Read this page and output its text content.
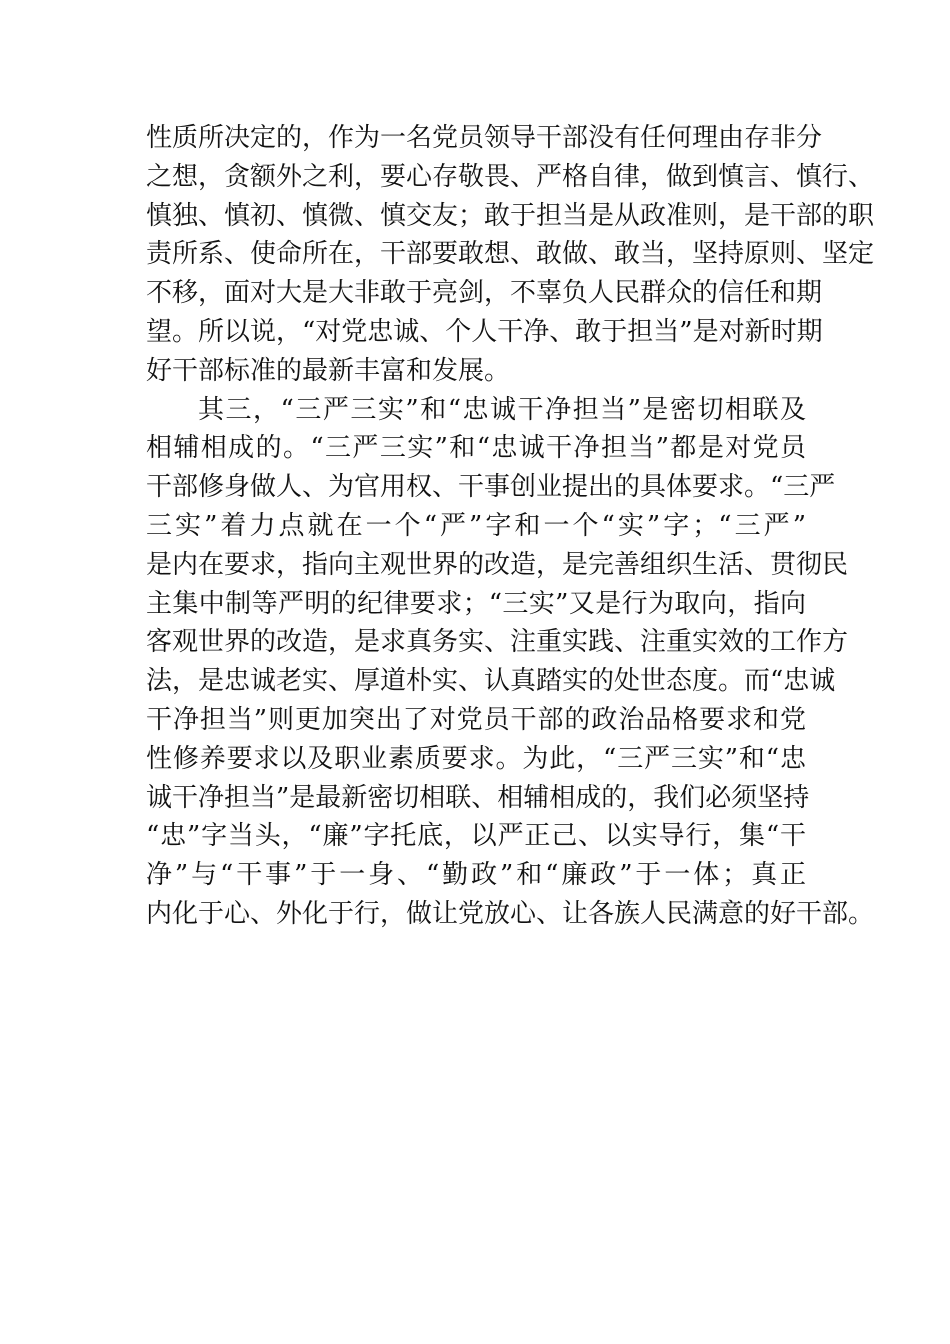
性质所决定的，作为一名党员领导干部没有任何理由存非分
之想，贪额外之利，要心存敬畏、严格自律，做到慎言、慎行、
慎独、慎初、慎微、慎交友；敢于担当是从政准则，是干部的职
责所系、使命所在，干部要敢想、敢做、敢当，坚持原则、坚定
不移，面对大是大非敢于亮剑，不辜负人民群众的信任和期
望。所以说，“对党忠诚、个人干净、敢于担当”是对新时期
好干部标准的最新丰富和发展。
其三，“三严三实”和“忠诚干净担当”是密切相联及
相辅相成的。“三严三实”和“忠诚干净担当”都是对党员
干部修身做人、为官用权、干事创业提出的具体要求。“三严
三实”着力点就在一个“严”字和一个“实”字；“三严”
是内在要求，指向主观世界的改造，是完善组织生活、贯彻民
主集中制等严明的纪律要求；“三实”又是行为取向，指向
客观世界的改造，是求真务实、注重实践、注重实效的工作方
法，是忠诚老实、厚道朴实、认真踏实的处世态度。而“忠诚
干净担当”则更加突出了对党员干部的政治品格要求和党
性修养要求以及职业素质要求。为此，“三严三实”和“忠
诚干净担当”是最新密切相联、相辅相成的，我们必须坚持
“忠”字当头，“廉”字托底，以严正己、以实导行，集“干
净”与“干事”于一身、“勤政”和“廉政”于一体；真正
内化于心、外化于行，做让党放心、让各族人民满意的好干部。
